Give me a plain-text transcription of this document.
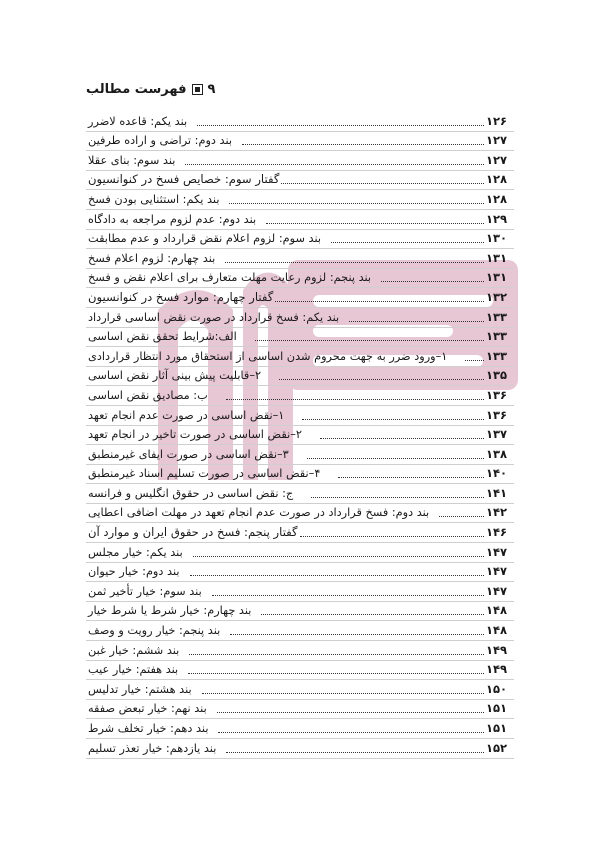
۹
فهرست مطالب
بند یکم: قاعده لاضرر	۱۲۶
بند دوم: تراضی و اراده طرفین	۱۲۷
بند سوم: بنای عقلا	۱۲۷
گفتار سوم: خصایص فسخ در کنوانسیون	۱۲۸
بند یکم: استثنایی بودن فسخ	۱۲۸
بند دوم: عدم لزوم مراجعه به دادگاه	۱۲۹
بند سوم: لزوم اعلام نقض قرارداد و عدم مطابقت	۱۳۰
بند چهارم: لزوم اعلام فسخ	۱۳۱
بند پنجم: لزوم رعایت مهلت متعارف برای اعلام نقض و فسخ	۱۳۱
گفتار چهارم: موارد فسخ در کنوانسیون	۱۳۲
بند یکم: فسخ قرارداد در صورت نقض اساسی قرارداد	۱۳۳
الف:شرایط تحقق نقض اساسی	۱۳۳
۱–ورود ضرر به جهت محروم شدن اساسی از استحقاق مورد انتظار قراردادی	۱۳۳
۲–قابلیت پیش بینی آثار نقض اساسی	۱۳۵
ب: مصادیق نقض اساسی	۱۳۶
۱–نقض اساسی در صورت عدم انجام تعهد	۱۳۶
۲–نقض اساسی در صورت تاخیر در انجام تعهد	۱۳۷
۳–نقض اساسی در صورت ایفای غیرمنطبق	۱۳۸
۴–نقض اساسی در صورت تسلیم اسناد غیرمنطبق	۱۴۰
ج: نقض اساسی در حقوق انگلیس و فرانسه	۱۴۱
بند دوم: فسخ قرارداد در صورت عدم انجام تعهد در مهلت اضافی اعطایی	۱۴۲
گفتار پنجم: فسخ در حقوق ایران و موارد آن	۱۴۶
بند یکم: خیار مجلس	۱۴۷
بند دوم: خیار حیوان	۱۴۷
بند سوم: خیار تأخیر ثمن	۱۴۷
بند چهارم: خیار شرط یا شرط خیار	۱۴۸
بند پنجم: خیار رویت و وصف	۱۴۸
بند ششم: خیار غبن	۱۴۹
بند هفتم: خیار عیب	۱۴۹
بند هشتم: خیار تدلیس	۱۵۰
بند نهم: خیار تبعض صفقه	۱۵۱
بند دهم: خیار تخلف شرط	۱۵۱
بند یازدهم: خیار تعذر تسلیم	۱۵۲
